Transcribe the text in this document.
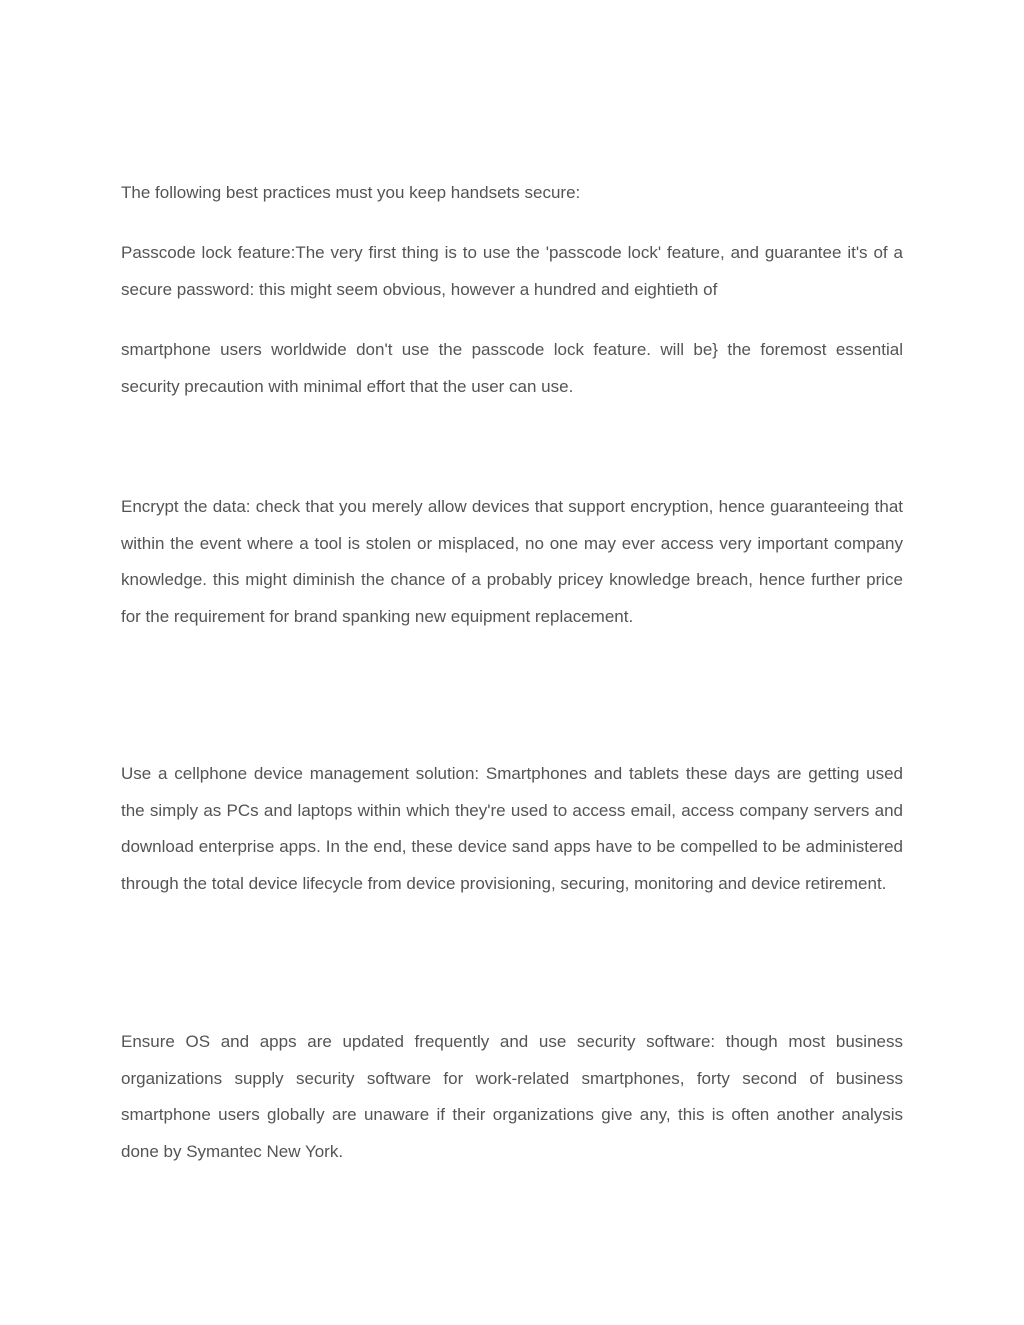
The following best practices must you keep handsets secure:

Passcode lock feature:The very first thing is to use the 'passcode lock' feature, and guarantee it's of a secure password: this might seem obvious, however a hundred and eightieth of

smartphone users worldwide don't use the passcode lock feature. will be} the foremost essential security precaution with minimal effort that the user can use.

Encrypt the data: check that you merely allow devices that support encryption, hence guaranteeing that within the event where a tool is stolen or misplaced, no one may ever access very important company knowledge. this might diminish the chance of a probably pricey knowledge breach, hence further price for the requirement for brand spanking new equipment replacement.

Use a cellphone device management solution: Smartphones and tablets these days are getting used the simply as PCs and laptops within which they're used to access email, access company servers and download enterprise apps. In the end, these device sand apps have to be compelled to be administered through the total device lifecycle from device provisioning, securing, monitoring and device retirement.

Ensure OS and apps are updated frequently and use security software: though most business organizations supply security software for work-related smartphones, forty second of business smartphone users globally are unaware if their organizations give any, this is often another analysis done by Symantec New York.
